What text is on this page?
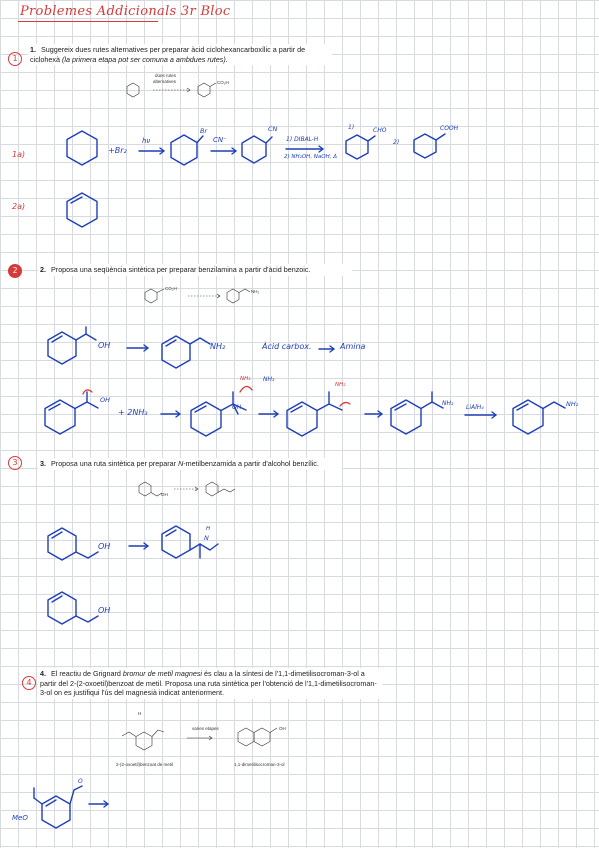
Problemes Addicionals 3r Bloc
1
1. Suggereix dues rutes alternatives per preparar àcid ciclohexancarboxílic a partir de ciclohexà (la primera etapa pot ser comuna a ambdues rutes).
dues rutes
alternatives	CO₂H
1a)
2a)
+Br₂
hν
Br
CN⁻
CN
1) DIBAL-H
2) NH₂OH, NaOH, Δ
1)	CHO
2)
COOH
2	2. Proposa una seqüència sintètica per preparar benzilamina a partir d'àcid benzoic.
CO₂H
NH₂
OH	NH₂	Àcid carbox.	Amina
OH
+ 2NH₃
NH₃ NH₃
OH
NH₂
NH₂
LiAlH₄	NH₂
3	3. Proposa una ruta sintètica per preparar N-metilbenzamida a partir d'alcohol benzílic.
OH
OH
N
H
OH
4
4. El reactiu de Grignard bromur de metil magnesi és clau a la síntesi de l'1,1-dimetilisocroman-3-ol a partir del 2-(2-oxoetil)benzoat de metil. Proposa una ruta sintètica per l'obtenció de l'1,1-dimetilisocroman-3-ol on es justifiqui l'ús del magnesià indicat anteriorment.
H
varies etapes	OH
2-(2-oxoetil)benzoat de metil	1,1-dimetilisocroman-3-ol
O
MeO
